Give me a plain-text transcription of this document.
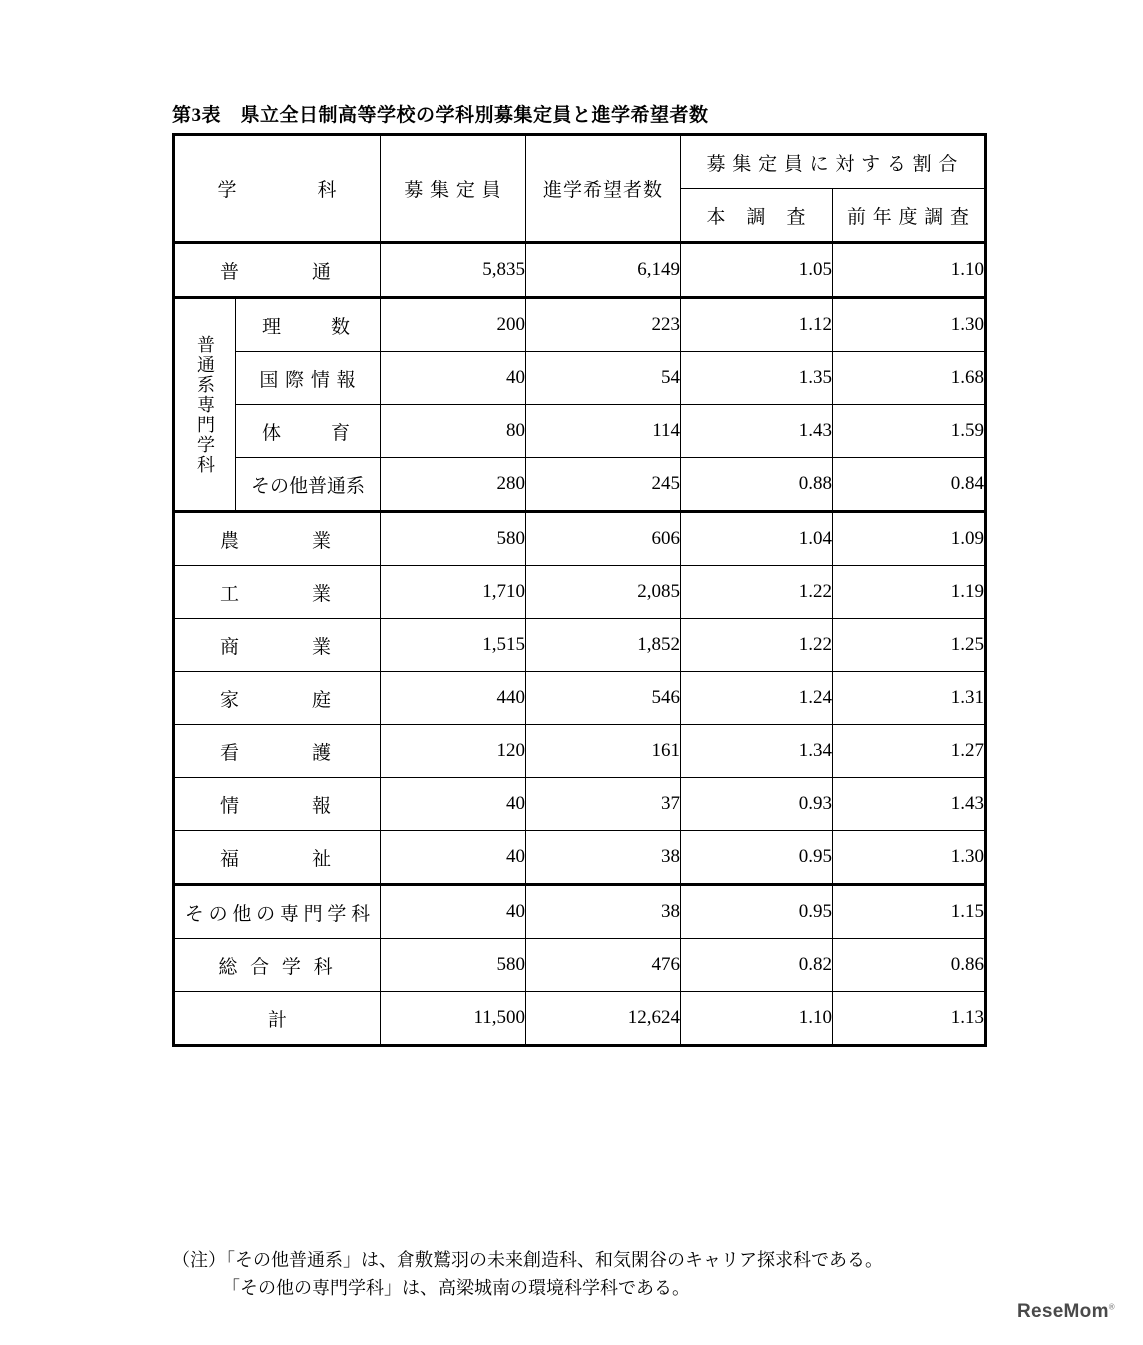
第3表　県立全日制高等学校の学科別募集定員と進学希望者数
学　　　　科		募 集 定 員	進学希望者数	募 集 定 員 に 対 す る 割 合	
				本　調　査	前 年 度 調 査
普　　　通		5,835	6,149	1.05	1.10

普通系専門学科	理　　数	200	223	1.12	1.30
	国 際 情 報	40	54	1.35	1.68
	体　　育	80	114	1.43	1.59
	その他普通系	280	245	0.88	0.84
農　　　業		580	606	1.04	1.09
工　　　業		1,710	2,085	1.22	1.19
商　　　業		1,515	1,852	1.22	1.25
家　　　庭		440	546	1.24	1.31
看　　　護		120	161	1.34	1.27
情　　　報		40	37	0.93	1.43
福　　　祉		40	38	0.95	1.30
そ の 他 の 専 門 学 科		40	38	0.95	1.15
総 合 学 科		580	476	0.82	0.86
計		11,500	12,624	1.10	1.13
（注）「その他普通系」は、倉敷鷲羽の未来創造科、和気閑谷のキャリア探求科である。
「その他の専門学科」は、高梁城南の環境科学科である。
ReseMom®
